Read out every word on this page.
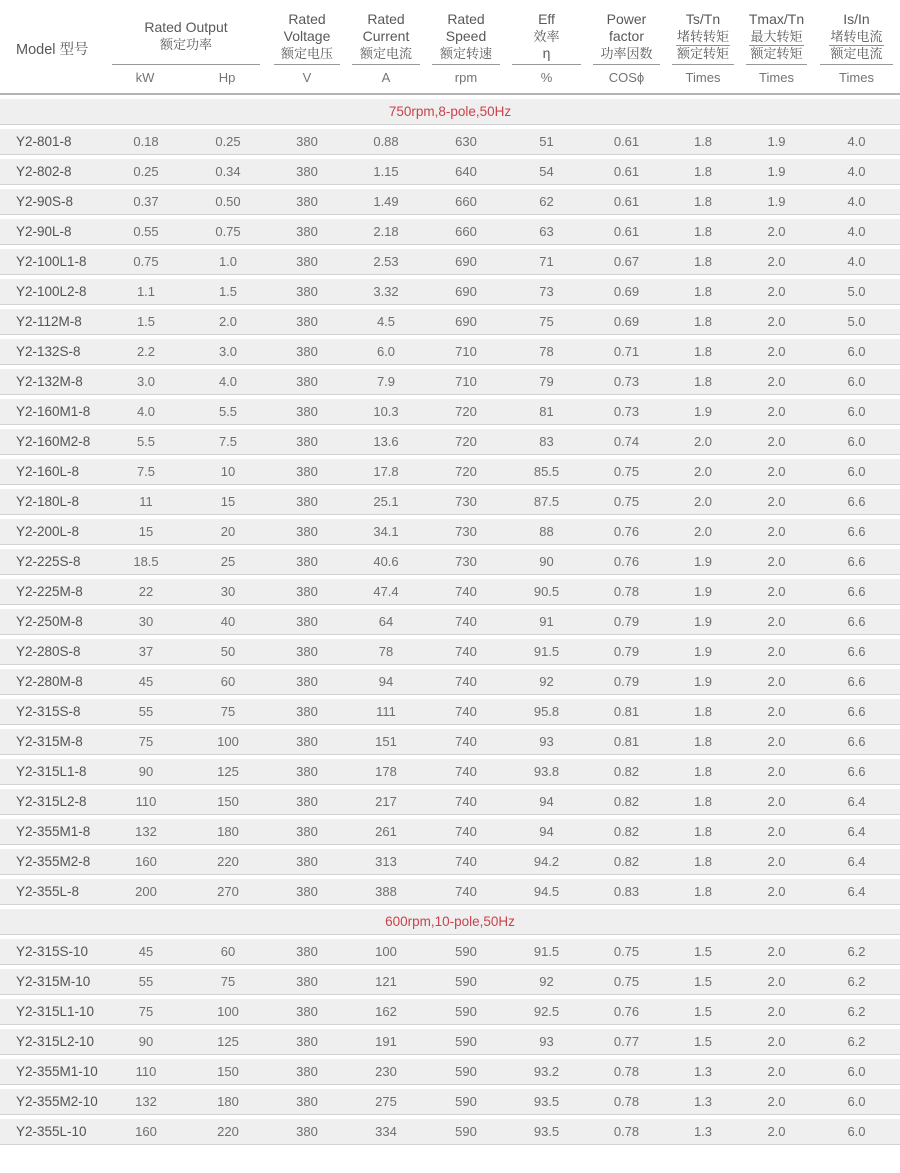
Model 型号	
Rated Output
额定功率
kW	Hp

Rated
Voltage
额定电压
V

Rated
Current
额定电流
A

Rated
Speed
额定转速
rpm

Eff
效率
η
%

Power
factor
功率因数
COSϕ

Ts/Tn
堵转转矩
额定转矩
Times

Tmax/Tn
最大转矩
额定转矩
Times

Is/In
堵转电流
额定电流
Times

750rpm,8-pole,50Hz										
Y2-801-8	0.18	0.25	380	0.88	630	51	0.61	1.8	1.9	4.0
Y2-802-8	0.25	0.34	380	1.15	640	54	0.61	1.8	1.9	4.0
Y2-90S-8	0.37	0.50	380	1.49	660	62	0.61	1.8	1.9	4.0
Y2-90L-8	0.55	0.75	380	2.18	660	63	0.61	1.8	2.0	4.0
Y2-100L1-8	0.75	1.0	380	2.53	690	71	0.67	1.8	2.0	4.0
Y2-100L2-8	1.1	1.5	380	3.32	690	73	0.69	1.8	2.0	5.0
Y2-112M-8	1.5	2.0	380	4.5	690	75	0.69	1.8	2.0	5.0
Y2-132S-8	2.2	3.0	380	6.0	710	78	0.71	1.8	2.0	6.0
Y2-132M-8	3.0	4.0	380	7.9	710	79	0.73	1.8	2.0	6.0
Y2-160M1-8	4.0	5.5	380	10.3	720	81	0.73	1.9	2.0	6.0
Y2-160M2-8	5.5	7.5	380	13.6	720	83	0.74	2.0	2.0	6.0
Y2-160L-8	7.5	10	380	17.8	720	85.5	0.75	2.0	2.0	6.0
Y2-180L-8	11	15	380	25.1	730	87.5	0.75	2.0	2.0	6.6
Y2-200L-8	15	20	380	34.1	730	88	0.76	2.0	2.0	6.6
Y2-225S-8	18.5	25	380	40.6	730	90	0.76	1.9	2.0	6.6
Y2-225M-8	22	30	380	47.4	740	90.5	0.78	1.9	2.0	6.6
Y2-250M-8	30	40	380	64	740	91	0.79	1.9	2.0	6.6
Y2-280S-8	37	50	380	78	740	91.5	0.79	1.9	2.0	6.6
Y2-280M-8	45	60	380	94	740	92	0.79	1.9	2.0	6.6
Y2-315S-8	55	75	380	111	740	95.8	0.81	1.8	2.0	6.6
Y2-315M-8	75	100	380	151	740	93	0.81	1.8	2.0	6.6
Y2-315L1-8	90	125	380	178	740	93.8	0.82	1.8	2.0	6.6
Y2-315L2-8	110	150	380	217	740	94	0.82	1.8	2.0	6.4
Y2-355M1-8	132	180	380	261	740	94	0.82	1.8	2.0	6.4
Y2-355M2-8	160	220	380	313	740	94.2	0.82	1.8	2.0	6.4
Y2-355L-8	200	270	380	388	740	94.5	0.83	1.8	2.0	6.4
600rpm,10-pole,50Hz										
Y2-315S-10	45	60	380	100	590	91.5	0.75	1.5	2.0	6.2
Y2-315M-10	55	75	380	121	590	92	0.75	1.5	2.0	6.2
Y2-315L1-10	75	100	380	162	590	92.5	0.76	1.5	2.0	6.2
Y2-315L2-10	90	125	380	191	590	93	0.77	1.5	2.0	6.2
Y2-355M1-10	110	150	380	230	590	93.2	0.78	1.3	2.0	6.0
Y2-355M2-10	132	180	380	275	590	93.5	0.78	1.3	2.0	6.0
Y2-355L-10	160	220	380	334	590	93.5	0.78	1.3	2.0	6.0
